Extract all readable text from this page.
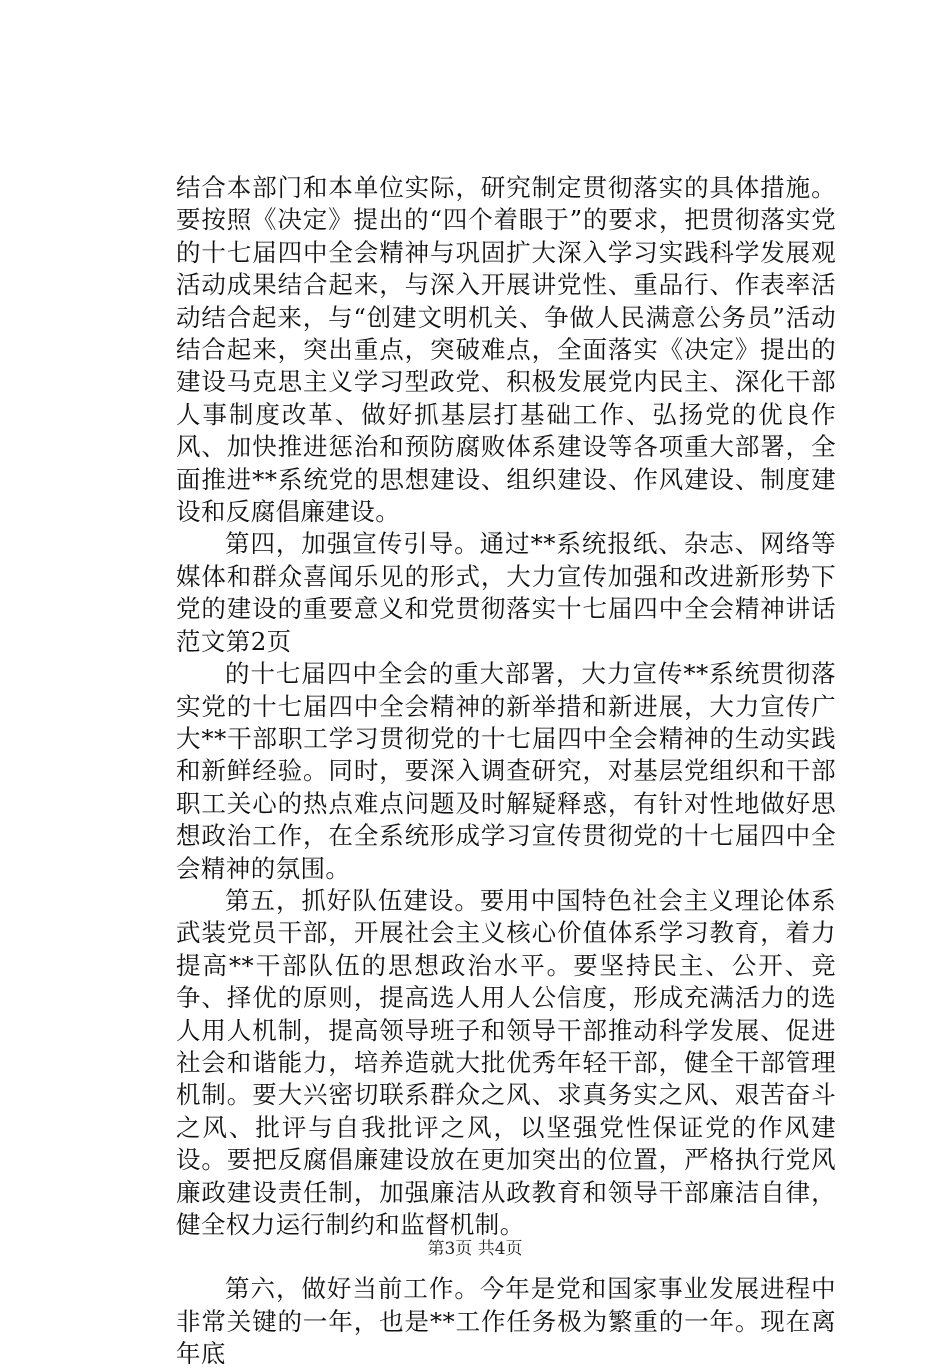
结合本部门和本单位实际，研究制定贯彻落实的具体措施。要按照《决定》提出的“四个着眼于”的要求，把贯彻落实党的十七届四中全会精神与巩固扩大深入学习实践科学发展观活动成果结合起来，与深入开展讲党性、重品行、作表率活动结合起来，与“创建文明机关、争做人民满意公务员”活动结合起来，突出重点，突破难点，全面落实《决定》提出的建设马克思主义学习型政党、积极发展党内民主、深化干部人事制度改革、做好抓基层打基础工作、弘扬党的优良作风、加快推进惩治和预防腐败体系建设等各项重大部署，全面推进**系统党的思想建设、组织建设、作风建设、制度建设和反腐倡廉建设。

第四，加强宣传引导。通过**系统报纸、杂志、网络等媒体和群众喜闻乐见的形式，大力宣传加强和改进新形势下党的建设的重要意义和党贯彻落实十七届四中全会精神讲话范文第2页

的十七届四中全会的重大部署，大力宣传**系统贯彻落实党的十七届四中全会精神的新举措和新进展，大力宣传广大**干部职工学习贯彻党的十七届四中全会精神的生动实践和新鲜经验。同时，要深入调查研究，对基层党组织和干部职工关心的热点难点问题及时解疑释惑，有针对性地做好思想政治工作，在全系统形成学习宣传贯彻党的十七届四中全会精神的氛围。

第五，抓好队伍建设。要用中国特色社会主义理论体系武装党员干部，开展社会主义核心价值体系学习教育，着力提高**干部队伍的思想政治水平。要坚持民主、公开、竞争、择优的原则，提高选人用人公信度，形成充满活力的选人用人机制，提高领导班子和领导干部推动科学发展、促进社会和谐能力，培养造就大批优秀年轻干部，健全干部管理机制。要大兴密切联系群众之风、求真务实之风、艰苦奋斗之风、批评与自我批评之风，以坚强党性保证党的作风建设。要把反腐倡廉建设放在更加突出的位置，严格执行党风廉政建设责任制，加强廉洁从政教育和领导干部廉洁自律，健全权力运行制约和监督机制。

第六，做好当前工作。今年是党和国家事业发展进程中非常关键的一年，也是**工作任务极为繁重的一年。现在离年底

第3页 共4页
